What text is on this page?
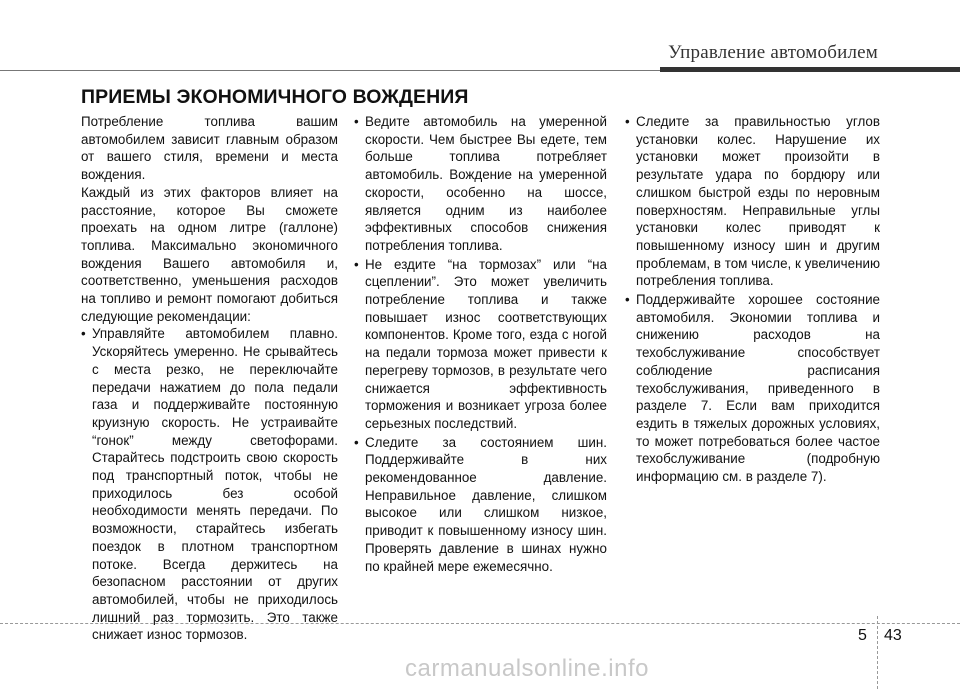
Управление автомобилем
ПРИЕМЫ ЭКОНОМИЧНОГО ВОЖДЕНИЯ

Потребление топлива вашим автомобилем зависит главным образом от вашего стиля, времени и места вождения.

Каждый из этих факторов влияет на расстояние, которое Вы сможете проехать на одном литре (галлоне) топлива. Максимально экономичного вождения Вашего автомобиля и, соответственно, уменьшения расходов на топливо и ремонт помогают добиться следующие рекомендации:

• Управляйте автомобилем плавно. Ускоряйтесь умеренно. Не срывайтесь с места резко, не переключайте передачи нажатием до пола педали газа и поддерживайте постоянную круизную скорость. Не устраивайте “гонок” между светофорами. Старайтесь подстроить свою скорость под транспортный поток, чтобы не приходилось без особой необходимости менять передачи. По возможности, старайтесь избегать поездок в плотном транспортном потоке. Всегда держитесь на безопасном расстоянии от других автомобилей, чтобы не приходилось лишний раз тормозить. Это также снижает износ тормозов.
• Ведите автомобиль на умеренной скорости. Чем быстрее Вы едете, тем больше топлива потребляет автомобиль. Вождение на умеренной скорости, особенно на шоссе, является одним из наиболее эффективных способов снижения потребления топлива.
• Не ездите “на тормозах” или “на сцеплении”. Это может увеличить потребление топлива и также повышает износ соответствующих компонентов. Кроме того, езда с ногой на педали тормоза может привести к перегреву тормозов, в результате чего снижается эффективность торможения и возникает угроза более серьезных последствий.
• Следите за состоянием шин. Поддерживайте в них рекомендованное давление. Неправильное давление, слишком высокое или слишком низкое, приводит к повышенному износу шин. Проверять давление в шинах нужно по крайней мере ежемесячно.
• Следите за правильностью углов установки колес. Нарушение их установки может произойти в результате удара по бордюру или слишком быстрой езды по неровным поверхностям. Неправильные углы установки колес приводят к повышенному износу шин и другим проблемам, в том числе, к увеличению потребления топлива.
• Поддерживайте хорошее состояние автомобиля. Экономии топлива и снижению расходов на техобслуживание способствует соблюдение расписания техобслуживания, приведенного в разделе 7. Если вам приходится ездить в тяжелых дорожных условиях, то может потребоваться более частое техобслуживание (подробную информацию см. в разделе 7).
5 43
carmanualsonline.info
